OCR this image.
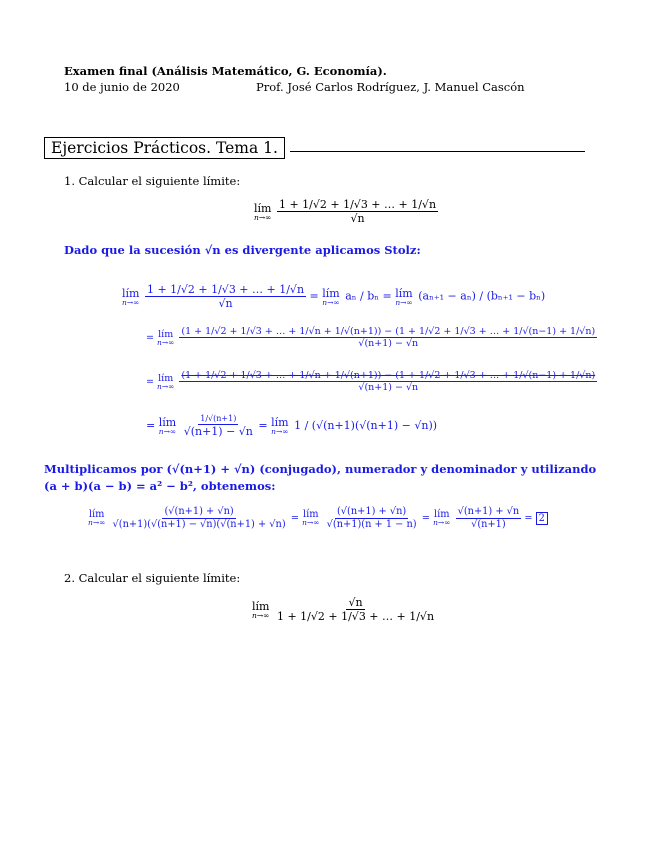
Examen final (Análisis Matemático, G. Economía).
10 de junio de 2020	Prof. José Carlos Rodríguez, J. Manuel Cascón
Ejercicios Prácticos. Tema 1.
1. Calcular el siguiente límite:
lím
n→∞
$\frac{1 + 1/√2 + 1/√3 + \dots + 1/√n}{√n}$
Dado que la sucesión √n es divergente aplicamos Stolz:
lím
n→∞
$\frac{1 + 1/√2 + 1/√3 + \dots + 1/√n}{√n}$ = lím
n→∞ aₙ / bₙ = lím
n→∞ (aₙ₊₁ − aₙ) / (bₙ₊₁ − bₙ)
= lím
n→∞

(1 + 1/√2 + 1/√3 + … + 1/√n + 1/√(n+1)) − (1 + 1/√2 + 1/√3 + … + 1/√(n−1) + 1/√n)
√(n+1) − √n
= lím
n→∞

(1 + 1/√2 + 1/√3 + … + 1/√n + 1/√(n+1)) − (1 + 1/√2 + 1/√3 + … + 1/√(n−1) + 1/√n)
√(n+1) − √n
= lím
n→∞
$\frac{1/√(n+1)}{√(n+1) - √n}$ = lím
n→∞ 1 / (√(n+1)(√(n+1) − √n))
Multiplicamos por (√(n+1) + √n) (conjugado), numerador y denominador y utilizando (a + b)(a − b) = a² − b², obtenemos:
lím
n→∞
$\frac{(√(n+1) + √n)}{√(n+1)(√(n+1) - √n)(√(n+1) + √n)}$ = lím
n→∞
$\frac{(√(n+1) + √n)}{√(n+1)(n + 1 - n)}$ = lím
n→∞
$\frac{√(n+1) + √n}{√(n+1)} = 2$
2. Calcular el siguiente límite:
lím
n→∞
$\frac{√n}{1 + 1/√2 + 1/√3 + \dots + 1/√n}$
